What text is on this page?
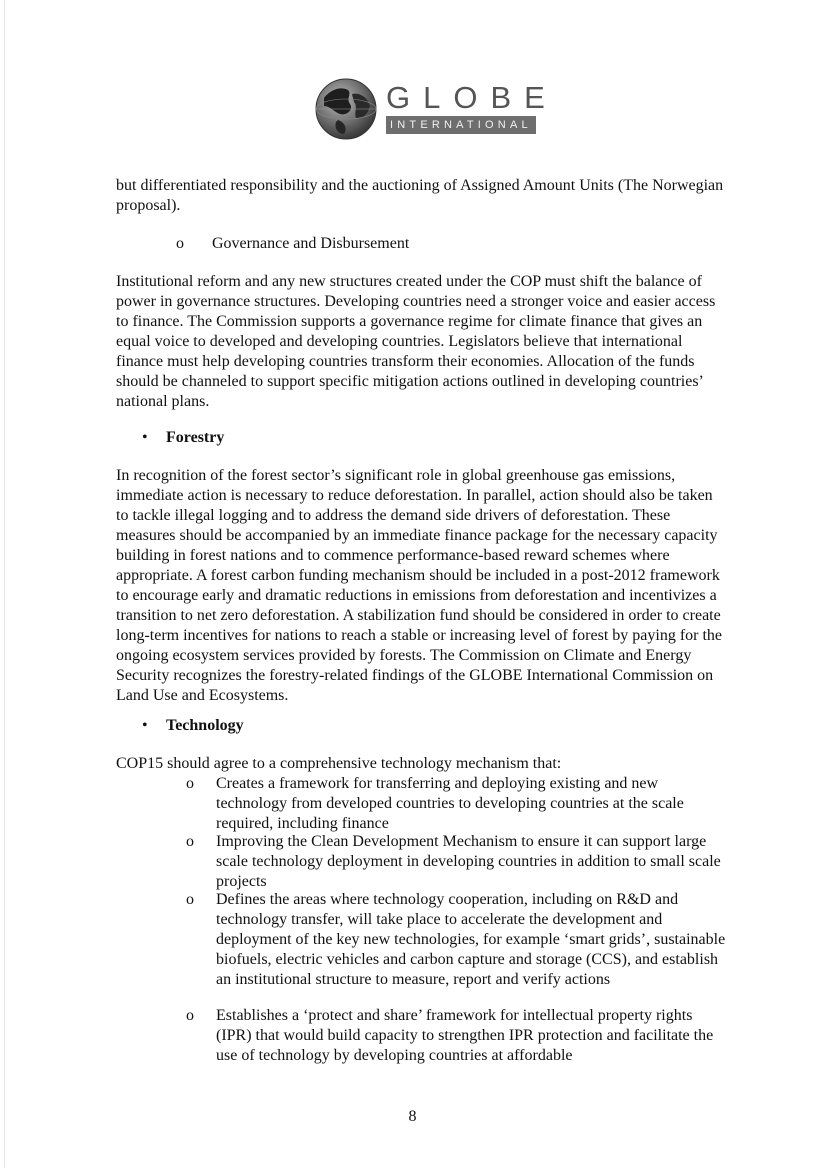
GLOBE
INTERNATIONAL

but differentiated responsibility and the auctioning of Assigned Amount Units (The Norwegian proposal).

o Governance and Disbursement

Institutional reform and any new structures created under the COP must shift the balance of power in governance structures. Developing countries need a stronger voice and easier access to finance. The Commission supports a governance regime for climate finance that gives an equal voice to developed and developing countries. Legislators believe that international finance must help developing countries transform their economies. Allocation of the funds should be channeled to support specific mitigation actions outlined in developing countries’ national plans.

• Forestry

In recognition of the forest sector’s significant role in global greenhouse gas emissions, immediate action is necessary to reduce deforestation. In parallel, action should also be taken to tackle illegal logging and to address the demand side drivers of deforestation. These measures should be accompanied by an immediate finance package for the necessary capacity building in forest nations and to commence performance-based reward schemes where appropriate. A forest carbon funding mechanism should be included in a post-2012 framework to encourage early and dramatic reductions in emissions from deforestation and incentivizes a transition to net zero deforestation. A stabilization fund should be considered in order to create long-term incentives for nations to reach a stable or increasing level of forest by paying for the ongoing ecosystem services provided by forests. The Commission on Climate and Energy Security recognizes the forestry-related findings of the GLOBE International Commission on Land Use and Ecosystems.

• Technology

COP15 should agree to a comprehensive technology mechanism that:

o Creates a framework for transferring and deploying existing and new technology from developed countries to developing countries at the scale required, including finance
o Improving the Clean Development Mechanism to ensure it can support large scale technology deployment in developing countries in addition to small scale projects
o Defines the areas where technology cooperation, including on R&D and technology transfer, will take place to accelerate the development and deployment of the key new technologies, for example ‘smart grids’, sustainable biofuels, electric vehicles and carbon capture and storage (CCS), and establish an institutional structure to measure, report and verify actions
o Establishes a ‘protect and share’ framework for intellectual property rights (IPR) that would build capacity to strengthen IPR protection and facilitate the use of technology by developing countries at affordable
8
